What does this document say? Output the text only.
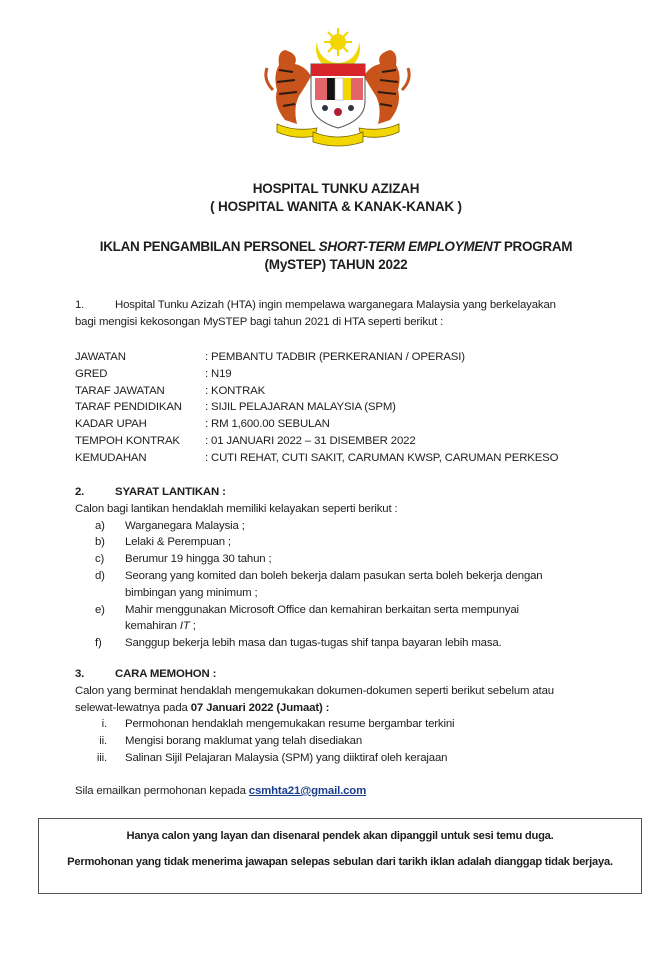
HOSPITAL TUNKU AZIZAH
( HOSPITAL WANITA & KANAK-KANAK )
IKLAN PENGAMBILAN PERSONEL SHORT-TERM EMPLOYMENT PROGRAM
(MySTEP) TAHUN 2022
1.	Hospital Tunku Azizah (HTA) ingin mempelawa warganegara Malaysia yang berkelayakan
bagi mengisi kekosongan MySTEP bagi tahun 2021 di HTA seperti berikut :
JAWATAN	: PEMBANTU TADBIR (PERKERANIAN / OPERASI)
GRED	: N19
TARAF JAWATAN	: KONTRAK
TARAF PENDIDIKAN	: SIJIL PELAJARAN MALAYSIA (SPM)
KADAR UPAH	: RM 1,600.00 SEBULAN
TEMPOH KONTRAK	: 01 JANUARI 2022 – 31 DISEMBER 2022
KEMUDAHAN	: CUTI REHAT, CUTI SAKIT, CARUMAN KWSP, CARUMAN PERKESO
2.	SYARAT LANTIKAN :
Calon bagi lantikan hendaklah memiliki kelayakan seperti berikut :
a)	Warganegara Malaysia ;
b)	Lelaki & Perempuan ;
c)	Berumur 19 hingga 30 tahun ;
d)	Seorang yang komited dan boleh bekerja dalam pasukan serta boleh bekerja dengan
bimbingan yang minimum ;
e)	Mahir menggunakan Microsoft Office dan kemahiran berkaitan serta mempunyai
kemahiran IT ;
f)	Sanggup bekerja lebih masa dan tugas-tugas shif tanpa bayaran lebih masa.
3.	CARA MEMOHON :
Calon yang berminat hendaklah mengemukakan dokumen-dokumen seperti berikut sebelum atau
selewat-lewatnya pada 07 Januari 2022 (Jumaat) :
i.	Permohonan hendaklah mengemukakan resume bergambar terkini
ii.	Mengisi borang maklumat yang telah disediakan
iii.	Salinan Sijil Pelajaran Malaysia (SPM) yang diiktiraf oleh kerajaan
Sila emailkan permohonan kepada csmhta21@gmail.com
Hanya calon yang layan dan disenaraI pendek akan dipanggil untuk sesi temu duga.
Permohonan yang tidak menerima jawapan selepas sebulan dari tarikh iklan adalah dianggap tidak berjaya.
